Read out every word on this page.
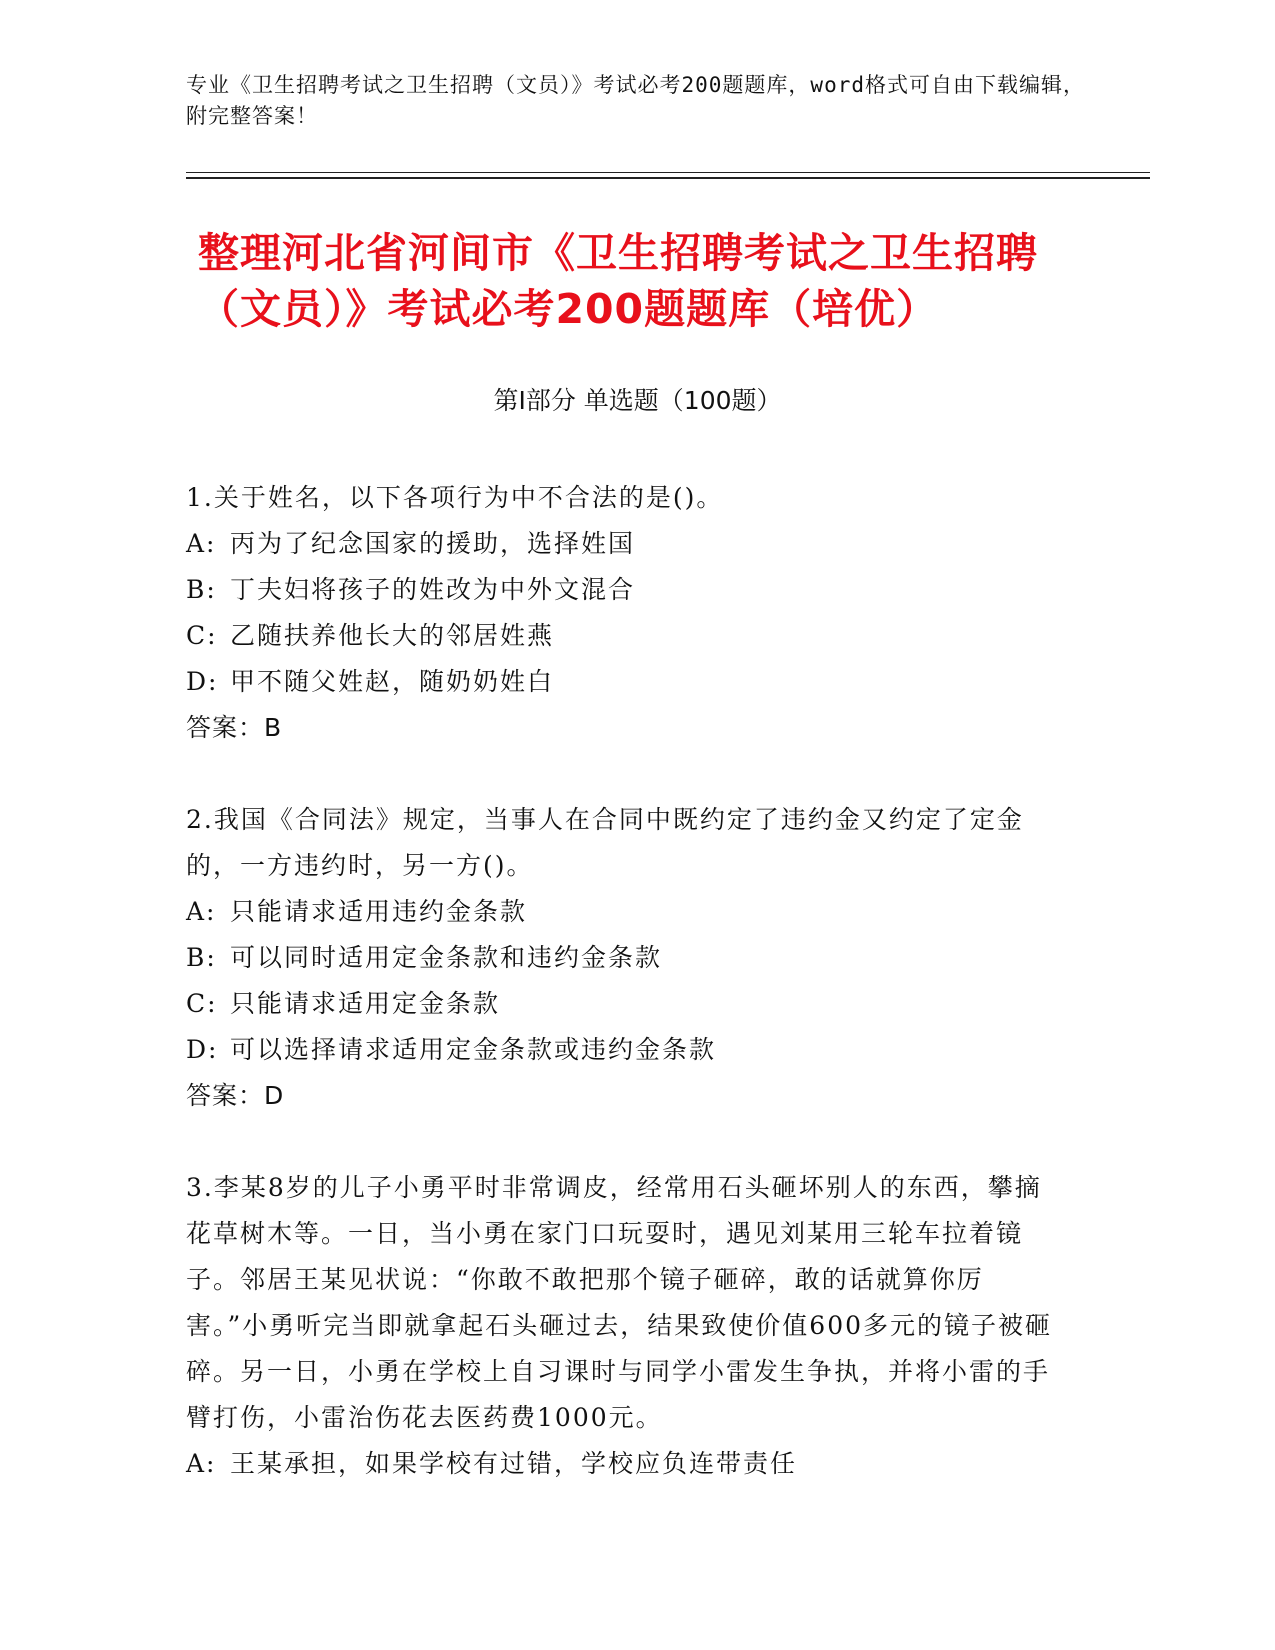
专业《卫生招聘考试之卫生招聘（文员）》考试必考200题题库，word格式可自由下载编辑，附完整答案！
整理河北省河间市《卫生招聘考试之卫生招聘（文员）》考试必考200题题库（培优）
第I部分 单选题（100题）
1.关于姓名，以下各项行为中不合法的是()。
A: 丙为了纪念国家的援助，选择姓国
B: 丁夫妇将孩子的姓改为中外文混合
C: 乙随扶养他长大的邻居姓燕
D: 甲不随父姓赵，随奶奶姓白
答案：B
2.我国《合同法》规定，当事人在合同中既约定了违约金又约定了定金的，一方违约时，另一方()。
A: 只能请求适用违约金条款
B: 可以同时适用定金条款和违约金条款
C: 只能请求适用定金条款
D: 可以选择请求适用定金条款或违约金条款
答案：D
3.李某8岁的儿子小勇平时非常调皮，经常用石头砸坏别人的东西，攀摘花草树木等。一日，当小勇在家门口玩耍时，遇见刘某用三轮车拉着镜子。邻居王某见状说：“你敢不敢把那个镜子砸碎，敢的话就算你厉害。”小勇听完当即就拿起石头砸过去，结果致使价值600多元的镜子被砸碎。另一日，小勇在学校上自习课时与同学小雷发生争执，并将小雷的手臂打伤，小雷治伤花去医药费1000元。
A: 王某承担，如果学校有过错，学校应负连带责任
